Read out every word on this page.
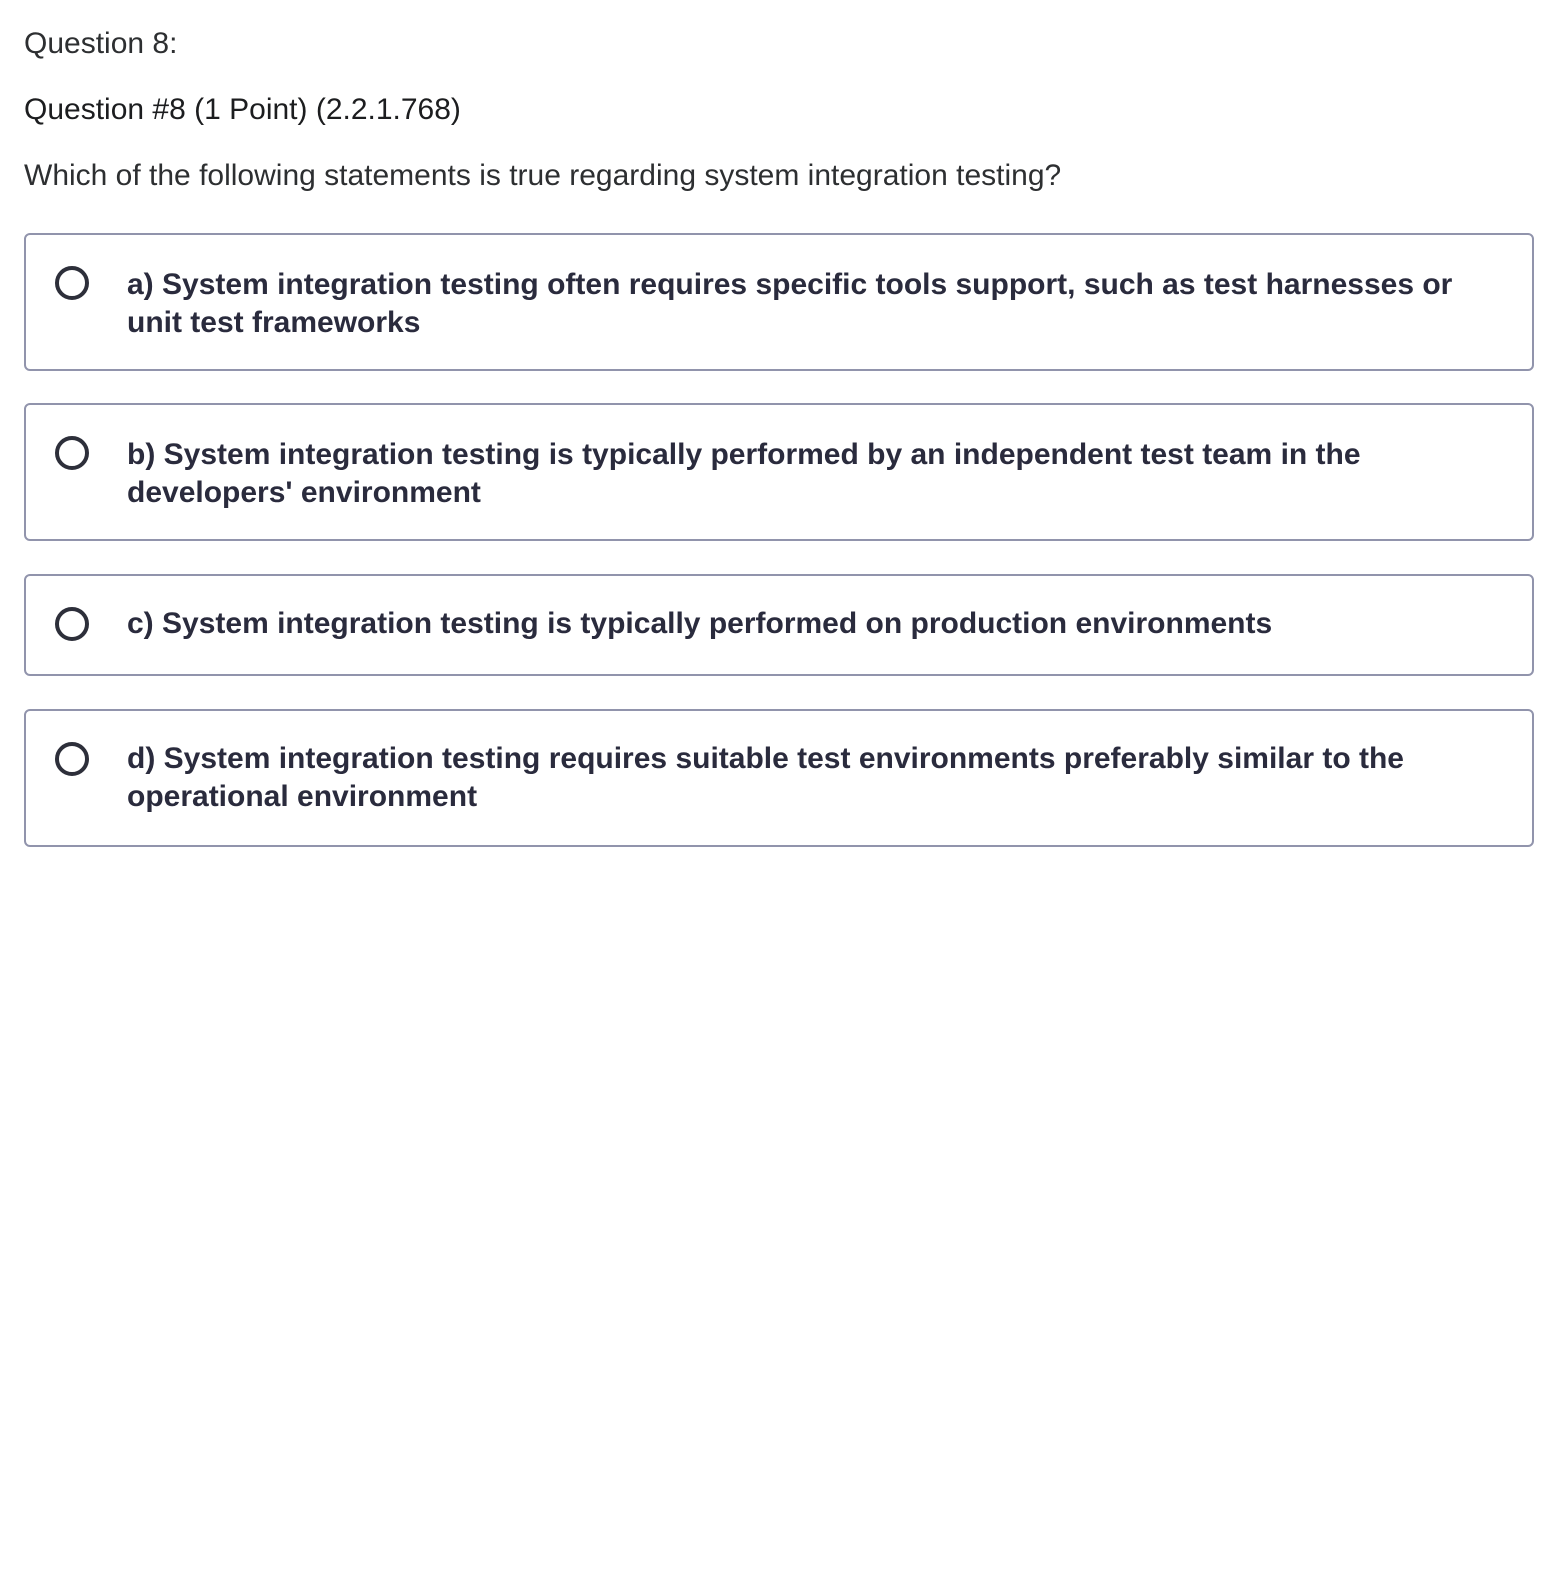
Question 8:
Question #8 (1 Point) (2.2.1.768)
Which of the following statements is true regarding system integration testing?
a) System integration testing often requires specific tools support, such as test harnesses or unit test frameworks
b) System integration testing is typically performed by an independent test team in the developers' environment
c) System integration testing is typically performed on production environments
d) System integration testing requires suitable test environments preferably similar to the operational environment
